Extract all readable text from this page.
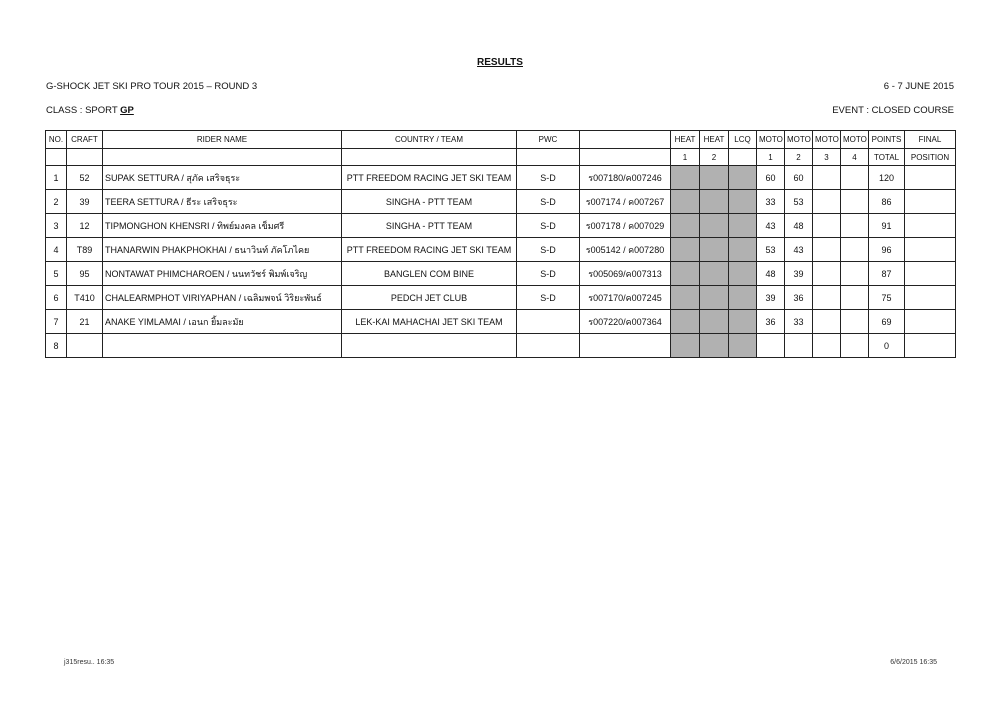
RESULTS
G-SHOCK JET SKI PRO TOUR 2015 – ROUND 3	6 - 7 JUNE 2015
CLASS : SPORT GP	EVENT : CLOSED COURSE
NO.	CRAFT	RIDER NAME	COUNTRY / TEAM	PWC		HEAT	HEAT	LCQ	MOTO	MOTO	MOTO	MOTO	POINTS	FINAL
						1	2		1	2	3	4	TOTAL	POSITION
1	52	SUPAK SETTURA / สุภัค เสริจธุระ	PTT FREEDOM RACING JET SKI TEAM	S-D	ร007180/ค007246				60	60			120	
2	39	TEERA SETTURA / ธีระ เสริจธุระ	SINGHA - PTT TEAM	S-D	ร007174 / ค007267				33	53			86	
3	12	TIPMONGHON KHENSRI / ทิพย์มงคล เข็มศรี	SINGHA - PTT TEAM	S-D	ร007178 / ค007029				43	48			91	
4	T89	THANARWIN PHAKPHOKHAI / ธนาวินท์ ภัคโภไคย	PTT FREEDOM RACING JET SKI TEAM	S-D	ร005142 / ค007280				53	43			96	
5	95	NONTAWAT PHIMCHAROEN / นนทวัชร์ พิมพ์เจริญ	BANGLEN COM BINE	S-D	ร005069/ค007313				48	39			87	
6	T410	CHALEARMPHOT VIRIYAPHAN / เฉลิมพจน์ วิริยะพันธ์	PEDCH JET CLUB	S-D	ร007170/ค007245				39	36			75	
7	21	ANAKE YIMLAMAI / เอนก ยิ้มละมัย	LEK-KAI MAHACHAI JET SKI TEAM		ร007220/ค007364				36	33			69	
8													0	
j315resu.. 16:35	6/6/2015 16:35
